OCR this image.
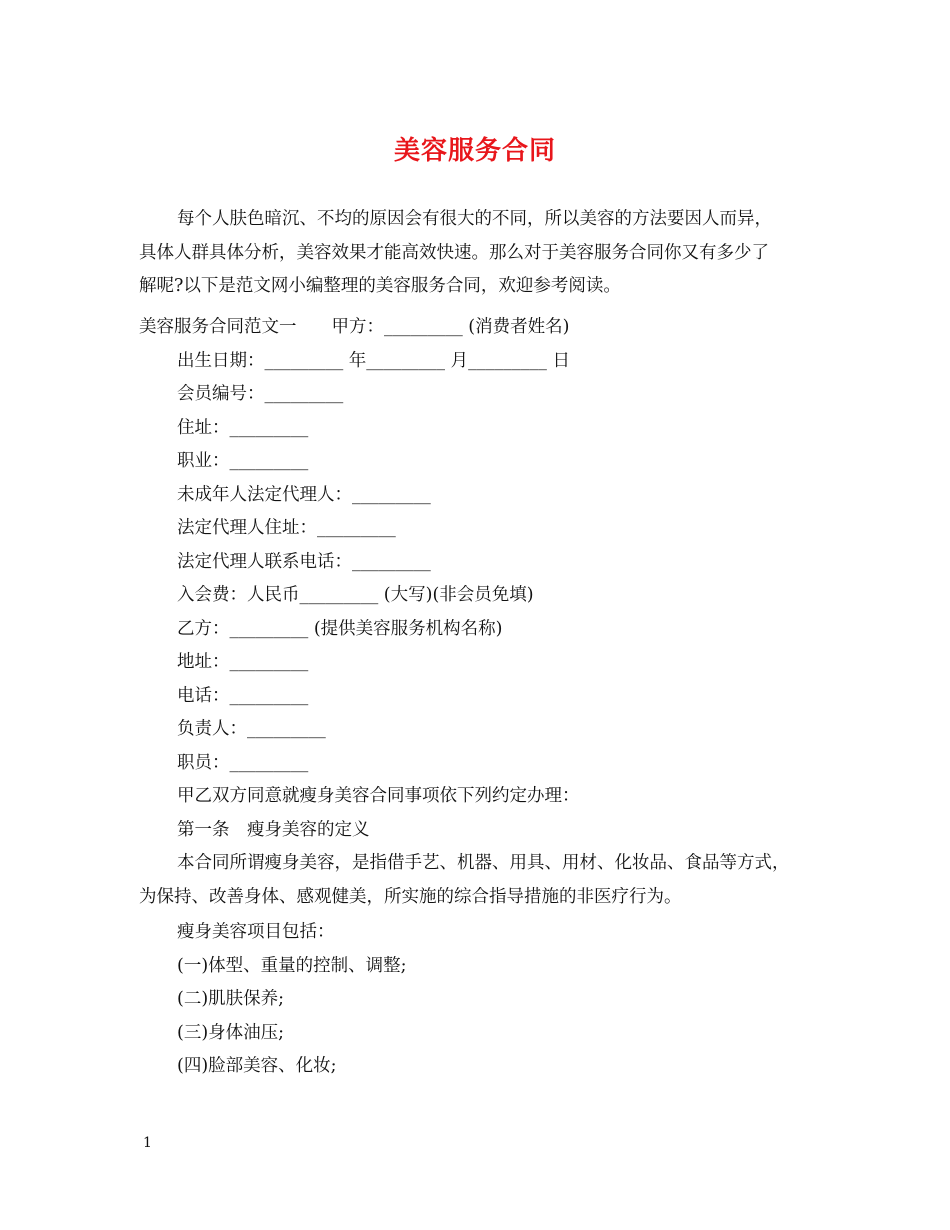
美容服务合同
每个人肤色暗沉、不均的原因会有很大的不同，所以美容的方法要因人而异，
具体人群具体分析，美容效果才能高效快速。那么对于美容服务合同你又有多少了
解呢?以下是范文网小编整理的美容服务合同，欢迎参考阅读。
美容服务合同范文一　　甲方：_________ (消费者姓名)
出生日期：_________ 年_________ 月_________ 日
会员编号：_________
住址：_________
职业：_________
未成年人法定代理人：_________
法定代理人住址：_________
法定代理人联系电话：_________
入会费：人民币_________ (大写)(非会员免填)
乙方：_________ (提供美容服务机构名称)
地址：_________
电话：_________
负责人：_________
职员：_________
甲乙双方同意就瘦身美容合同事项依下列约定办理：
第一条　瘦身美容的定义
本合同所谓瘦身美容，是指借手艺、机器、用具、用材、化妆品、食品等方式，
为保持、改善身体、感观健美，所实施的综合指导措施的非医疗行为。
瘦身美容项目包括：
(一)体型、重量的控制、调整;
(二)肌肤保养;
(三)身体油压;
(四)脸部美容、化妆;
1
